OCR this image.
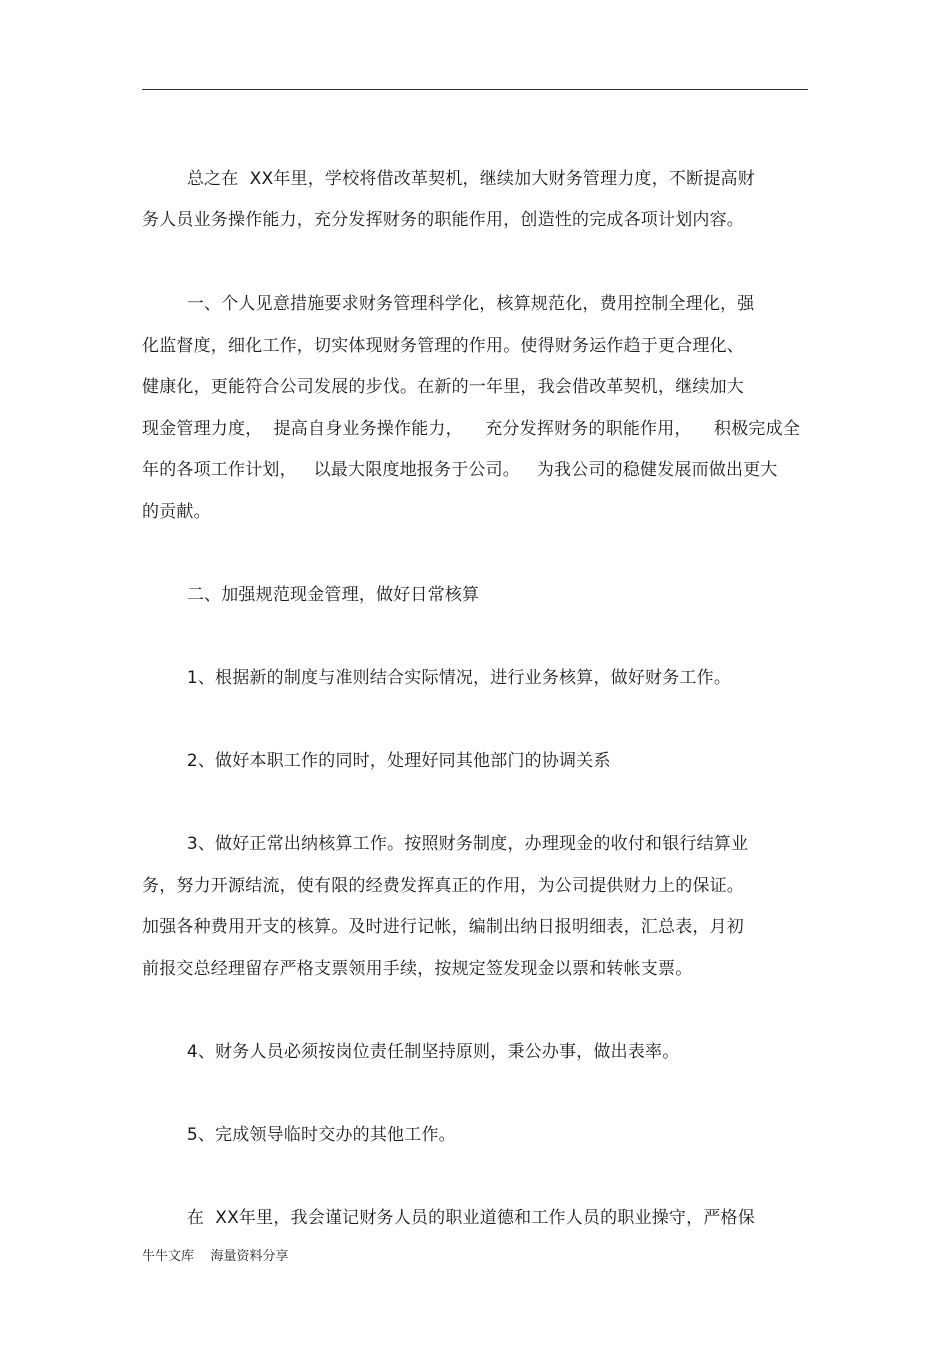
总之在  XX年里，学校将借改革契机，继续加大财务管理力度，不断提高财
务人员业务操作能力，充分发挥财务的职能作用，创造性的完成各项计划内容。
一、个人见意措施要求财务管理科学化，核算规范化，费用控制全理化，强
化监督度，细化工作，切实体现财务管理的作用。使得财务运作趋于更合理化、
健康化，更能符合公司发展的步伐。在新的一年里，我会借改革契机，继续加大
现金管理力度，  提高自身业务操作能力，    充分发挥财务的职能作用，    积极完成全
年的各项工作计划，   以最大限度地报务于公司。   为我公司的稳健发展而做出更大
的贡献。
二、加强规范现金管理，做好日常核算
1、根据新的制度与准则结合实际情况，进行业务核算，做好财务工作。
2、做好本职工作的同时，处理好同其他部门的协调关系
3、做好正常出纳核算工作。按照财务制度，办理现金的收付和银行结算业
务，努力开源结流，使有限的经费发挥真正的作用，为公司提供财力上的保证。
加强各种费用开支的核算。及时进行记帐，编制出纳日报明细表，汇总表，月初
前报交总经理留存严格支票领用手续，按规定签发现金以票和转帐支票。
4、财务人员必须按岗位责任制坚持原则，秉公办事，做出表率。
5、完成领导临时交办的其他工作。
在  XX年里，我会谨记财务人员的职业道德和工作人员的职业操守，严格保
牛牛文库    海量资料分享
